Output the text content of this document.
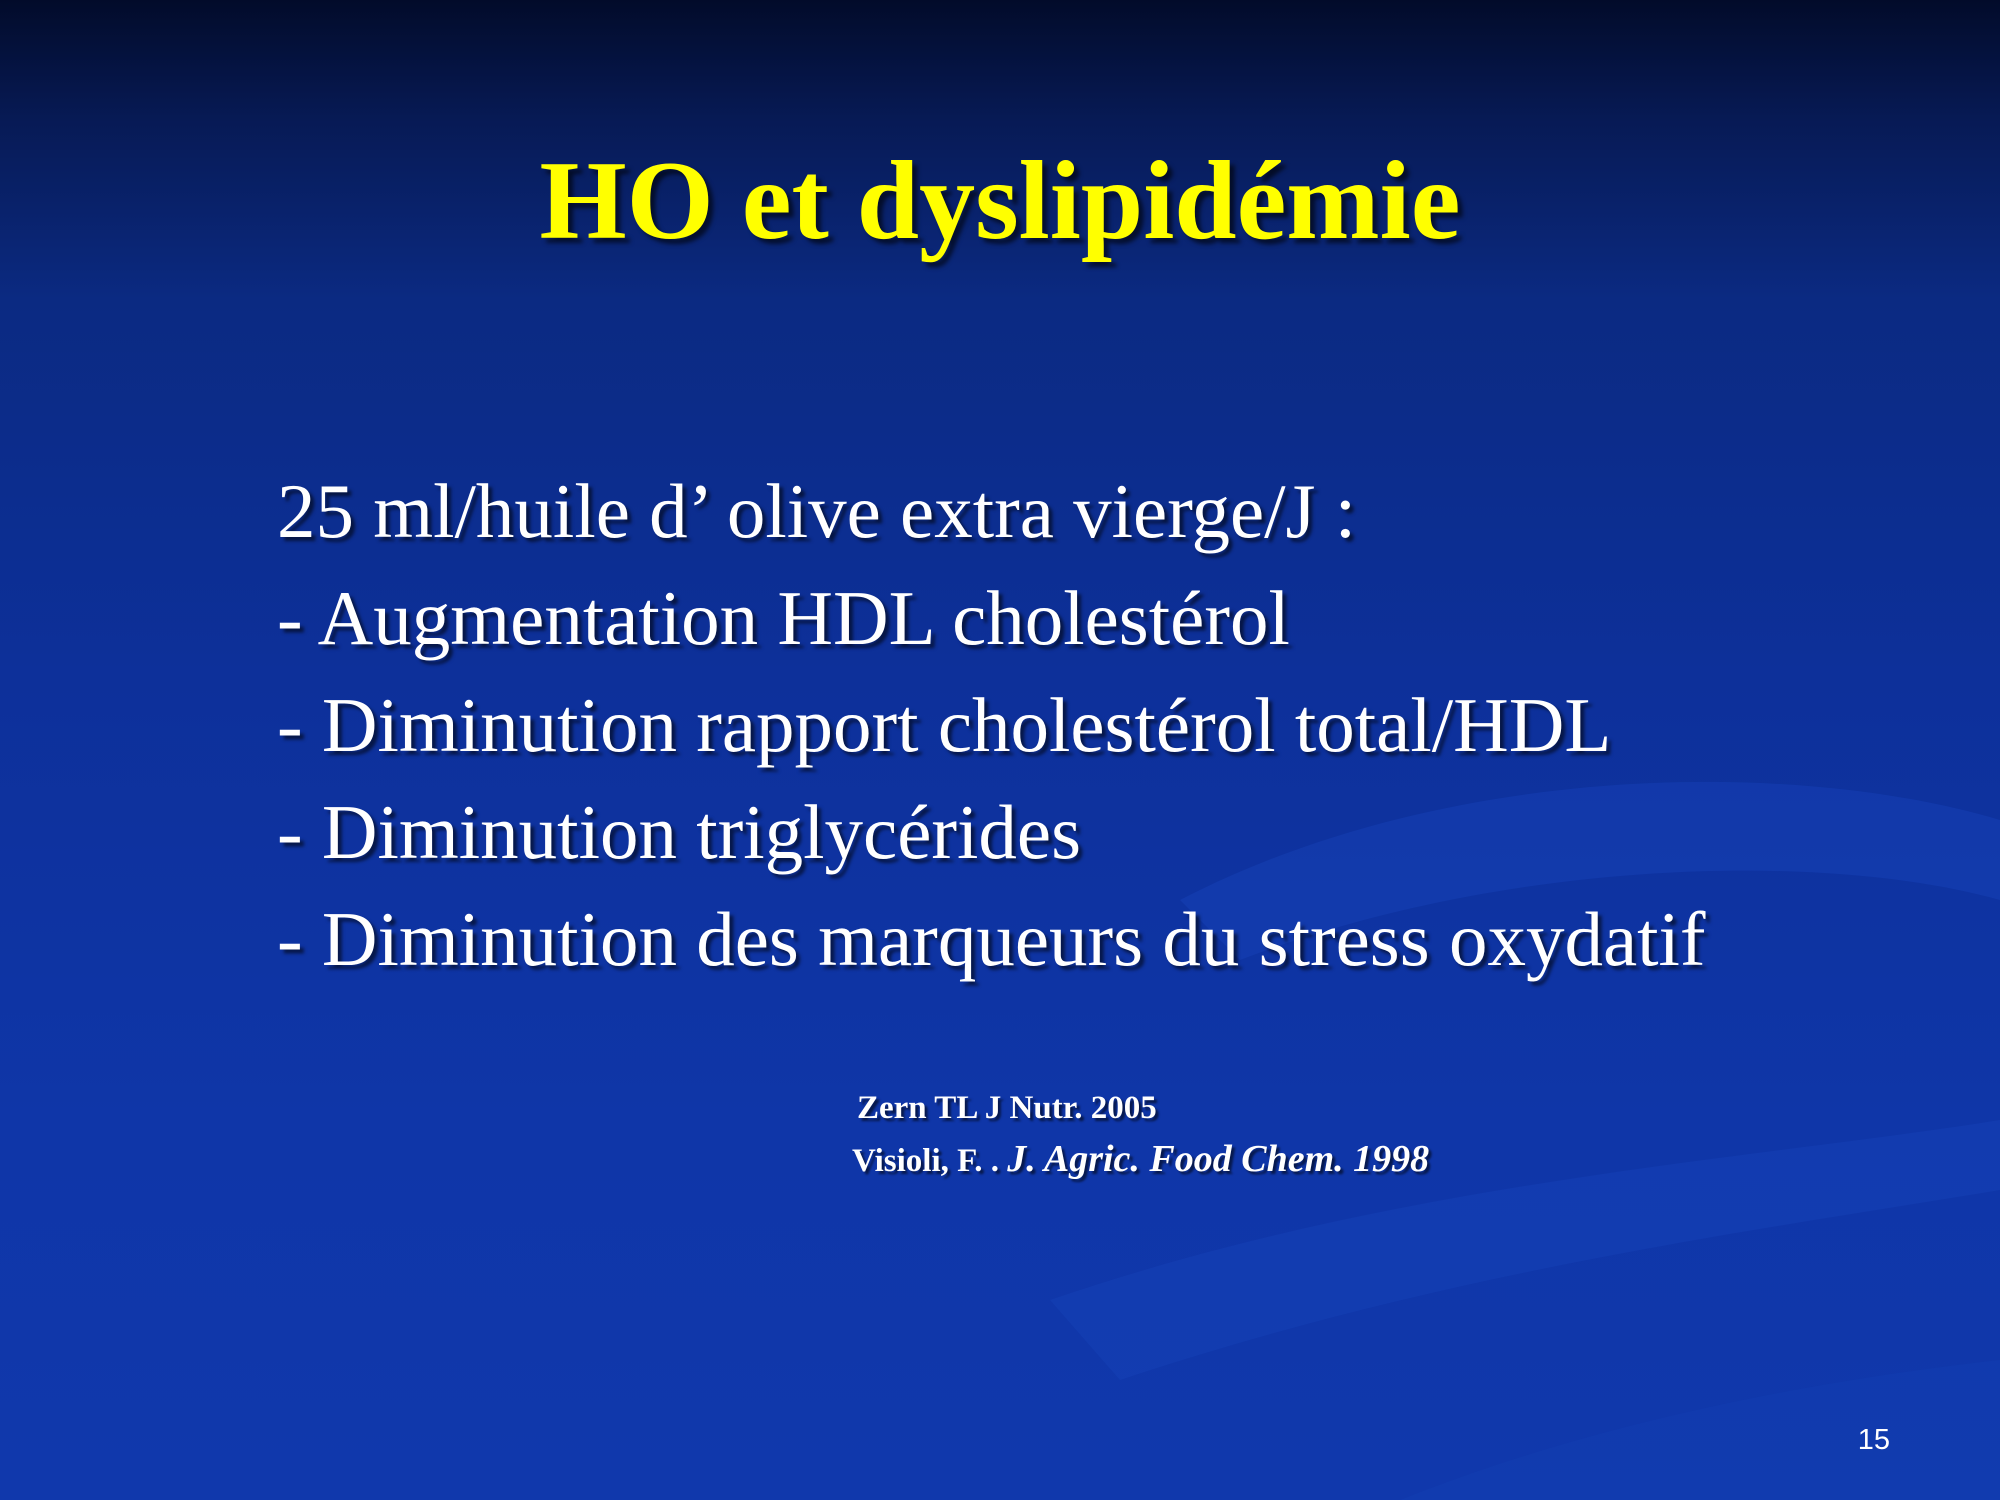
HO et dyslipidémie
25 ml/huile d’ olive extra vierge/J :
- Augmentation HDL cholestérol
- Diminution rapport cholestérol total/HDL
- Diminution triglycérides
- Diminution des marqueurs du stress oxydatif
Zern TL J Nutr. 2005
Visioli, F. . J. Agric. Food Chem. 1998
15
